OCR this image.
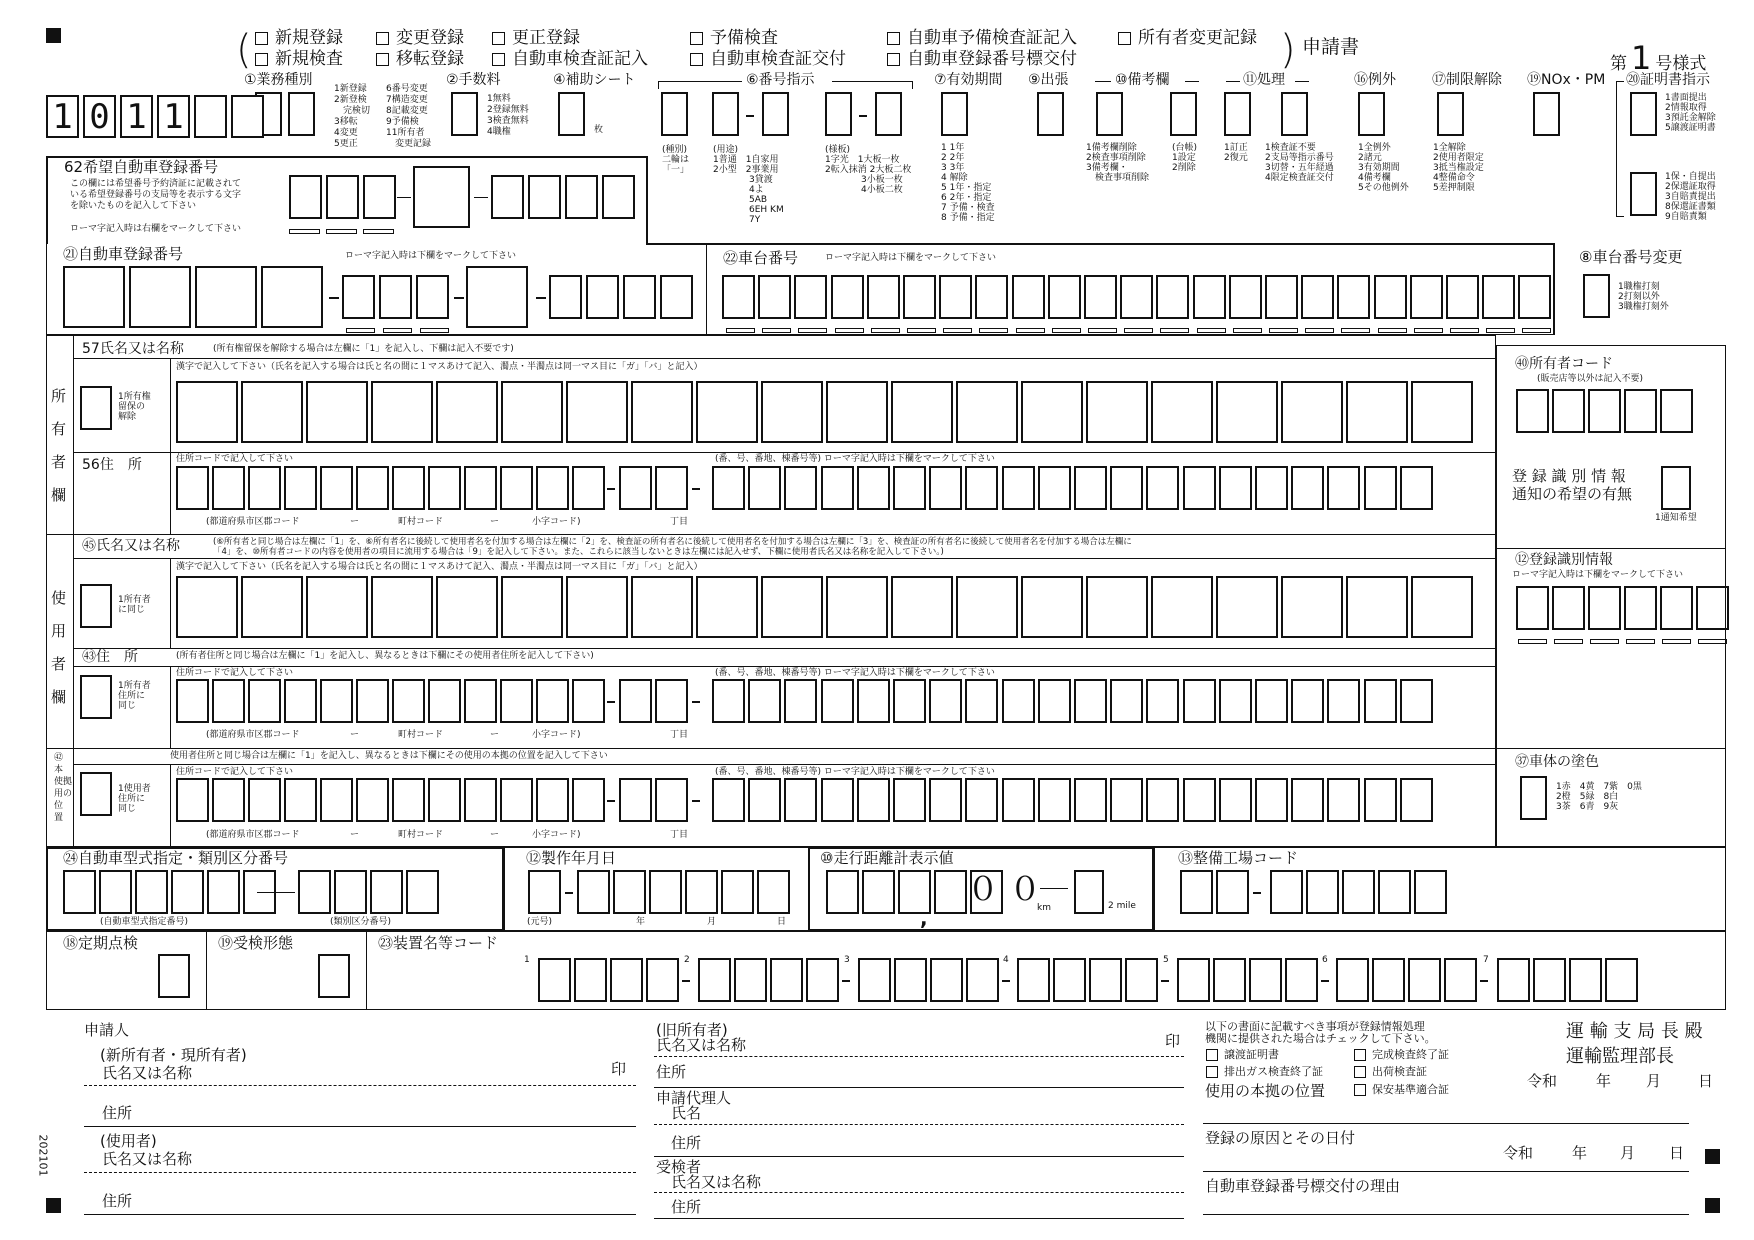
(	) 申請書
第 1 号様式
①業務種別	②手数料	④補助シート	⑥番号指示	⑦有効期間 ⑨出張	⑩備考欄	⑪処理	⑯例外	⑰制限解除 ⑲NOx・PM ⑳証明書指示
1新登録
2新登検
　完検切
3移転
4変更
5更正
6番号変更
7構造変更
8記載変更
9予備検
11所有者
　変更記録
1無料
2登録無料
3検査無料
4職権	枚
(種別)
二輪は
「一」
(用途)
1普通　1自家用
2小型　2事業用
　　　　3貸渡
　　　　4よ
　　　　5AB
　　　　6EH KM
　　　　7Y
(様板)
1字光　1大板一枚
2転入抹消 2大板二枚
　　　　3小板一枚
　　　　4小板二枚
1 1年
2 2年
3 3年
4 解除
5 1年・指定
6 2年・指定
7 予備・検査
8 予備・指定
1備考欄削除
2検査事項削除
3備考欄・
　検査事項削除
(台帳)
1設定
2削除
1訂正
2復元
1検査証不要
2支局等指示番号
3切替・五年経過
4限定検査証交付
1全例外
2諸元
3有効期間
4備考欄
5その他例外
1全解除
2使用者限定
3抵当権設定
4整備命令
5差押制限
1書面提出
2情報取得
3預託金解除
5譲渡証明書
1保・自提出
2保還証取得
3自賠責提出
8保還証書類
9自賠責類
62希望自動車登録番号
この欄には希望番号予約済証に記載されて
いる希望登録番号の支局等を表示する文字
を除いたものを記入して下さい
ローマ字記入時は右欄をマークして下さい
㉑自動車登録番号	ローマ字記入時は下欄をマークして下さい	㉒車台番号	ローマ字記入時は下欄をマークして下さい	⑧車台番号変更
1職権打刻
2打刻以外
3職権打刻外
所
有
者
欄
57氏名又は名称	(所有権留保を解除する場合は左欄に「1」を記入し、下欄は記入不要です)
漢字で記入して下さい（氏名を記入する場合は氏と名の間に１マスあけて記入、濁点・半濁点は同一マス目に「ガ」「バ」と記入）
1所有権
留保の
解除
56住　所	住所コードで記入して下さい	(番、号、番地、棟番号等) ローマ字記入時は下欄をマークして下さい
㊵所有者コード
(販売店等以外は記入不要)
登 録 識 別 情 報
通知の希望の有無
1通知希望
使
用
者
欄
㊺氏名又は名称	(⑥所有者と同じ場合は左欄に「1」を、⑥所有者名に後続して使用者名を付加する場合は左欄に「2」を、検査証の所有者名に後続して使用者名を付加する場合は左欄に「3」を、検査証の所有者名に後続して使用者名を付加する場合は左欄に
「4」を、⑩所有者コードの内容を使用者の項目に流用する場合は「9」を記入して下さい。また、これらに該当しないときは左欄には記入せず、下欄に使用者氏名又は名称を記入して下さい。)
漢字で記入して下さい（氏名を記入する場合は氏と名の間に１マスあけて記入、濁点・半濁点は同一マス目に「ガ」「バ」と記入）
1所有者
に同じ
㊸住　所	(所有者住所と同じ場合は左欄に「1」を記入し、異なるときは下欄にその使用者住所を記入して下さい)
1所有者
住所に
同じ
⑫登録識別情報
ローマ字記入時は下欄をマークして下さい
㊷
本
使拠
用の
位
置
使用者住所と同じ場合は左欄に「1」を記入し、異なるときは下欄にその使用の本拠の位置を記入して下さい
1使用者
住所に
同じ
㊲車体の塗色
1赤　4黄　7紫　0黒
2橙　5緑　8白
3茶　6青　9灰
㉔自動車型式指定・類別区分番号
(自動車型式指定番号)	(類別区分番号)
⑫製作年月日
(元号)	年	月	日
⑩走行距離計表示値
,
０ ０
km	2 mile
⑬整備工場コード
⑱定期点検	⑲受検形態	㉓装置名等コード
申請人
(新所有者・現所有者)
氏名又は名称	印
住所
(使用者)
氏名又は名称
住所
202101
(旧所有者)
氏名又は名称	印
住所
申請代理人
氏名
住所
受検者
氏名又は名称
住所
以下の書面に記載すべき事項が登録情報処理
機関に提供された場合はチェックして下さい。
譲渡証明書	完成検査終了証
排出ガス検査終了証	出荷検査証
使用の本拠の位置	保安基準適合証
登録の原因とその日付
自動車登録番号標交付の理由
運 輸 支 局 長 殿
運輸監理部長
令和	年 月 日
令和	年 月 日
新規登録	変更登録	更正登録	予備検査	自動車予備検査証記入	所有者変更記録
新規検査	移転登録	自動車検査証記入	自動車検査証交付	自動車登録番号標交付
1 0 1 1
(都道府県市区郡コード	ー	町村コード	ー	小字コード)	丁目
(都道府県市区郡コード	ー	町村コード	ー	小字コード)	丁目
(都道府県市区郡コード	ー	町村コード	ー	小字コード)	丁目
住所コードで記入して下さい	(番、号、番地、棟番号等) ローマ字記入時は下欄をマークして下さい
住所コードで記入して下さい	(番、号、番地、棟番号等) ローマ字記入時は下欄をマークして下さい
1	2	3	4	5	6	7
